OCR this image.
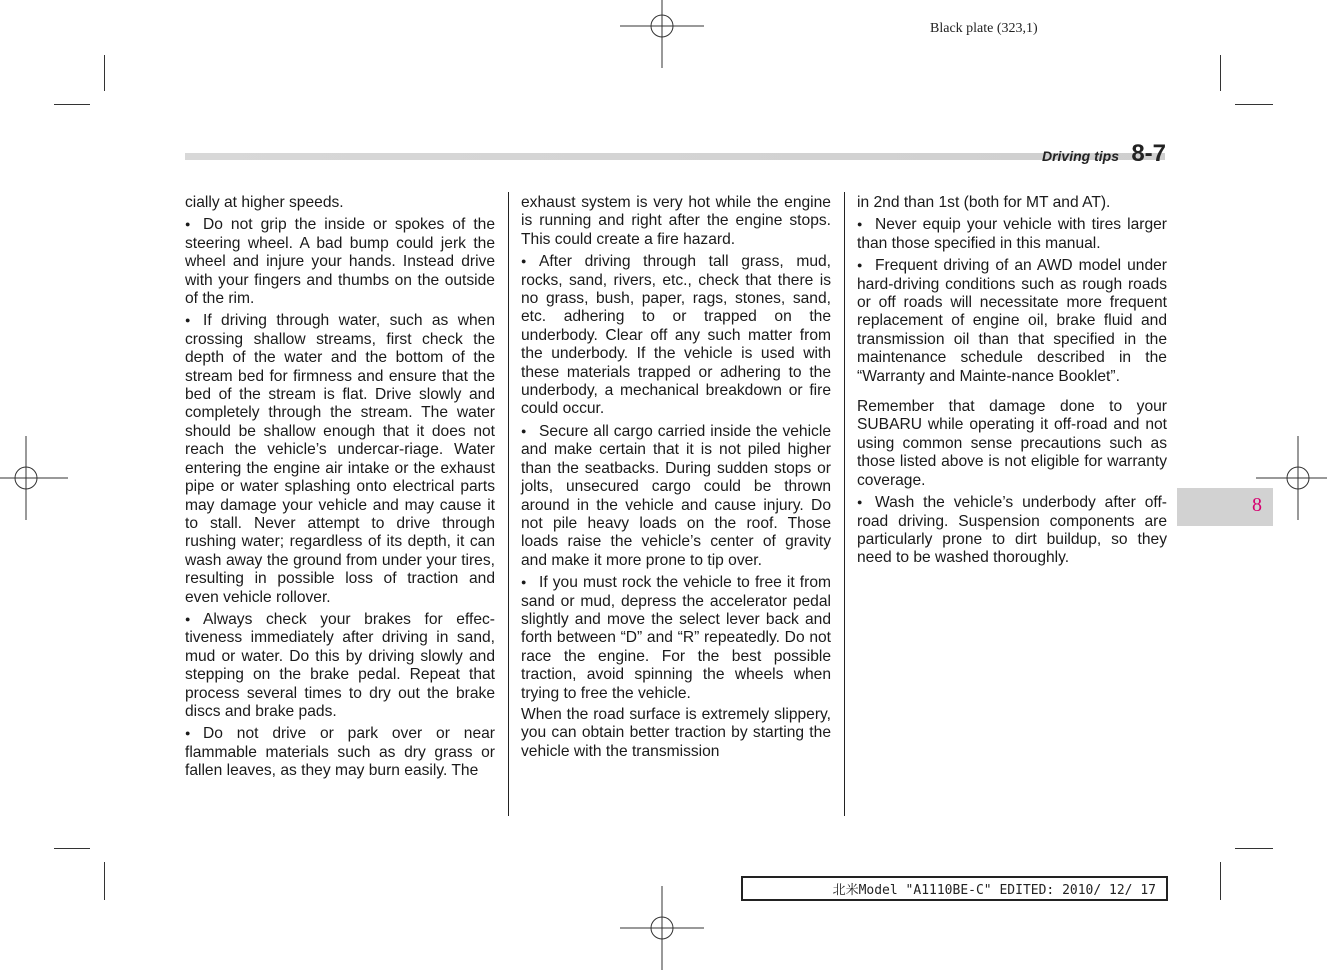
Black plate (323,1)
Driving tips 8-7

cially at higher speeds.

● Do not grip the inside or spokes of the steering wheel. A bad bump could jerk the wheel and injure your hands. Instead drive with your fingers and thumbs on the outside of the rim.

● If driving through water, such as when crossing shallow streams, first check the depth of the water and the bottom of the stream bed for firmness and ensure that the bed of the stream is flat. Drive slowly and completely through the stream. The water should be shallow enough that it does not reach the vehicle’s undercar-riage. Water entering the engine air intake or the exhaust pipe or water splashing onto electrical parts may damage your vehicle and may cause it to stall. Never attempt to drive through rushing water; regardless of its depth, it can wash away the ground from under your tires, resulting in possible loss of traction and even vehicle rollover.

● Always check your brakes for effec-tiveness immediately after driving in sand, mud or water. Do this by driving slowly and stepping on the brake pedal. Repeat that process several times to dry out the brake discs and brake pads.

● Do not drive or park over or near flammable materials such as dry grass or fallen leaves, as they may burn easily. The

exhaust system is very hot while the engine is running and right after the engine stops. This could create a fire hazard.

● After driving through tall grass, mud, rocks, sand, rivers, etc., check that there is no grass, bush, paper, rags, stones, sand, etc. adhering to or trapped on the underbody. Clear off any such matter from the underbody. If the vehicle is used with these materials trapped or adhering to the underbody, a mechanical breakdown or fire could occur.

● Secure all cargo carried inside the vehicle and make certain that it is not piled higher than the seatbacks. During sudden stops or jolts, unsecured cargo could be thrown around in the vehicle and cause injury. Do not pile heavy loads on the roof. Those loads raise the vehicle’s center of gravity and make it more prone to tip over.

● If you must rock the vehicle to free it from sand or mud, depress the accelerator pedal slightly and move the select lever back and forth between “D” and “R” repeatedly. Do not race the engine. For the best possible traction, avoid spinning the wheels when trying to free the vehicle.

When the road surface is extremely slippery, you can obtain better traction by starting the vehicle with the transmission

in 2nd than 1st (both for MT and AT).

● Never equip your vehicle with tires larger than those specified in this manual.

● Frequent driving of an AWD model under hard-driving conditions such as rough roads or off roads will necessitate more frequent replacement of engine oil, brake fluid and transmission oil than that specified in the maintenance schedule described in the “Warranty and Mainte-nance Booklet”.

Remember that damage done to your SUBARU while operating it off-road and not using common sense precautions such as those listed above is not eligible for warranty coverage.

● Wash the vehicle’s underbody after off-road driving. Suspension components are particularly prone to dirt buildup, so they need to be washed thoroughly.

8
北米Model "A1110BE-C" EDITED: 2010/ 12/ 17
